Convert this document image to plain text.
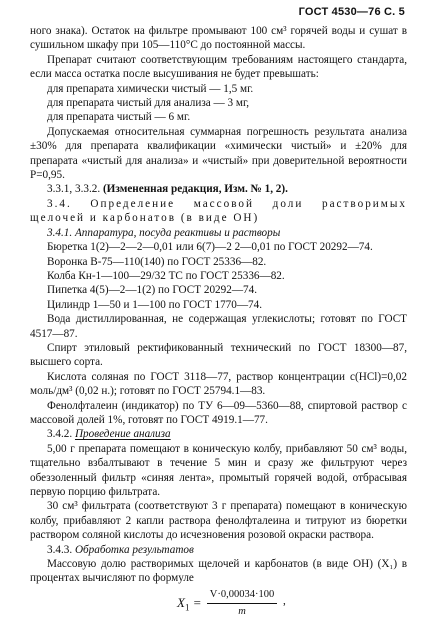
ГОСТ 4530—76 С. 5

ного знака). Остаток на фильтре промывают 100 см³ горячей воды и сушат в сушильном шкафу при 105—110°С до постоянной массы.

Препарат считают соответствующим требованиям настоящего стандарта, если масса остатка после высушивания не будет превышать:

для препарата химически чистый — 1,5 мг.

для препарата чистый для анализа — 3 мг,

для препарата чистый — 6 мг.

Допускаемая относительная суммарная погрешность результата анализа ±30% для препарата квалификации «химически чистый» и ±20% для препарата «чистый для анализа» и «чистый» при доверительной вероятности P=0,95.

3.3.1, 3.3.2. (Измененная редакция, Изм. № 1, 2).

3.4. Определение массовой доли растворимых щелочей и карбонатов (в виде ОН)

3.4.1. Аппаратура, посуда реактивы и растворы

Бюретка 1(2)—2—2—0,01 или 6(7)—2 2—0,01 по ГОСТ 20292—74.

Воронка В-75—110(140) по ГОСТ 25336—82.

Колба Кн-1—100—29/32 ТС по ГОСТ 25336—82.

Пипетка 4(5)—2—1(2) по ГОСТ 20292—74.

Цилиндр 1—50 и 1—100 по ГОСТ 1770—74.

Вода дистиллированная, не содержащая углекислоты; готовят по ГОСТ 4517—87.

Спирт этиловый ректификованный технический по ГОСТ 18300—87, высшего сорта.

Кислота соляная по ГОСТ 3118—77, раствор концентрации c(HCl)=0,02 моль/дм³ (0,02 н.); готовят по ГОСТ 25794.1—83.

Фенолфталеин (индикатор) по ТУ 6—09—5360—88, спиртовой раствор с массовой долей 1%, готовят по ГОСТ 4919.1—77.

3.4.2. Проведение анализа

5,00 г препарата помещают в коническую колбу, прибавляют 50 см³ воды, тщательно взбалтывают в течение 5 мин и сразу же фильтруют через обеззоленный фильтр «синяя лента», промытый горячей водой, отбрасывая первую порцию фильтрата.

30 см³ фильтрата (соответствуют 3 г препарата) помещают в коническую колбу, прибавляют 2 капли раствора фенолфталеина и титруют из бюретки раствором соляной кислоты до исчезновения розовой окраски раствора.

3.4.3. Обработка результатов

Массовую долю растворимых щелочей и карбонатов (в виде ОН) (X₁) в процентах вычисляют по формуле

$X_1 = \frac{V\cdot 0,00034\cdot 100}{m}$ ,
